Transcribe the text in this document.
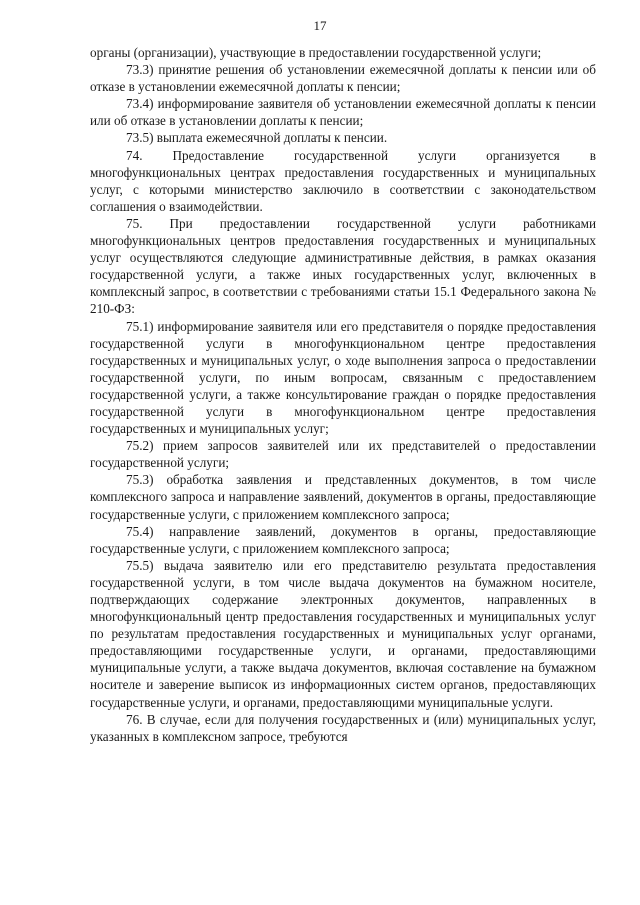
17

органы (организации), участвующие в предоставлении государственной услуги;

73.3) принятие решения об установлении ежемесячной доплаты к пенсии или об отказе в установлении ежемесячной доплаты к пенсии;

73.4) информирование заявителя об установлении ежемесячной доплаты к пенсии или об отказе в установлении доплаты к пенсии;

73.5) выплата ежемесячной доплаты к пенсии.

74. Предоставление государственной услуги организуется в многофункциональных центрах предоставления государственных и муниципальных услуг, с которыми министерство заключило в соответствии с законодательством соглашения о взаимодействии.

75. При предоставлении государственной услуги работниками многофункциональных центров предоставления государственных и муниципальных услуг осуществляются следующие административные действия, в рамках оказания государственной услуги, а также иных государственных услуг, включенных в комплексный запрос, в соответствии с требованиями статьи 15.1 Федерального закона № 210-ФЗ:

75.1) информирование заявителя или его представителя о порядке предоставления государственной услуги в многофункциональном центре предоставления государственных и муниципальных услуг, о ходе выполнения запроса о предоставлении государственной услуги, по иным вопросам, связанным с предоставлением государственной услуги, а также консультирование граждан о порядке предоставления государственной услуги в многофункциональном центре предоставления государственных и муниципальных услуг;

75.2) прием запросов заявителей или их представителей о предоставлении государственной услуги;

75.3) обработка заявления и представленных документов, в том числе комплексного запроса и направление заявлений, документов в органы, предоставляющие государственные услуги, с приложением комплексного запроса;

75.4) направление заявлений, документов в органы, предоставляющие государственные услуги, с приложением комплексного запроса;

75.5) выдача заявителю или его представителю результата предоставления государственной услуги, в том числе выдача документов на бумажном носителе, подтверждающих содержание электронных документов, направленных в многофункциональный центр предоставления государственных и муниципальных услуг по результатам предоставления государственных и муниципальных услуг органами, предоставляющими государственные услуги, и органами, предоставляющими муниципальные услуги, а также выдача документов, включая составление на бумажном носителе и заверение выписок из информационных систем органов, предоставляющих государственные услуги, и органами, предоставляющими муниципальные услуги.

76. В случае, если для получения государственных и (или) муниципальных услуг, указанных в комплексном запросе, требуются
